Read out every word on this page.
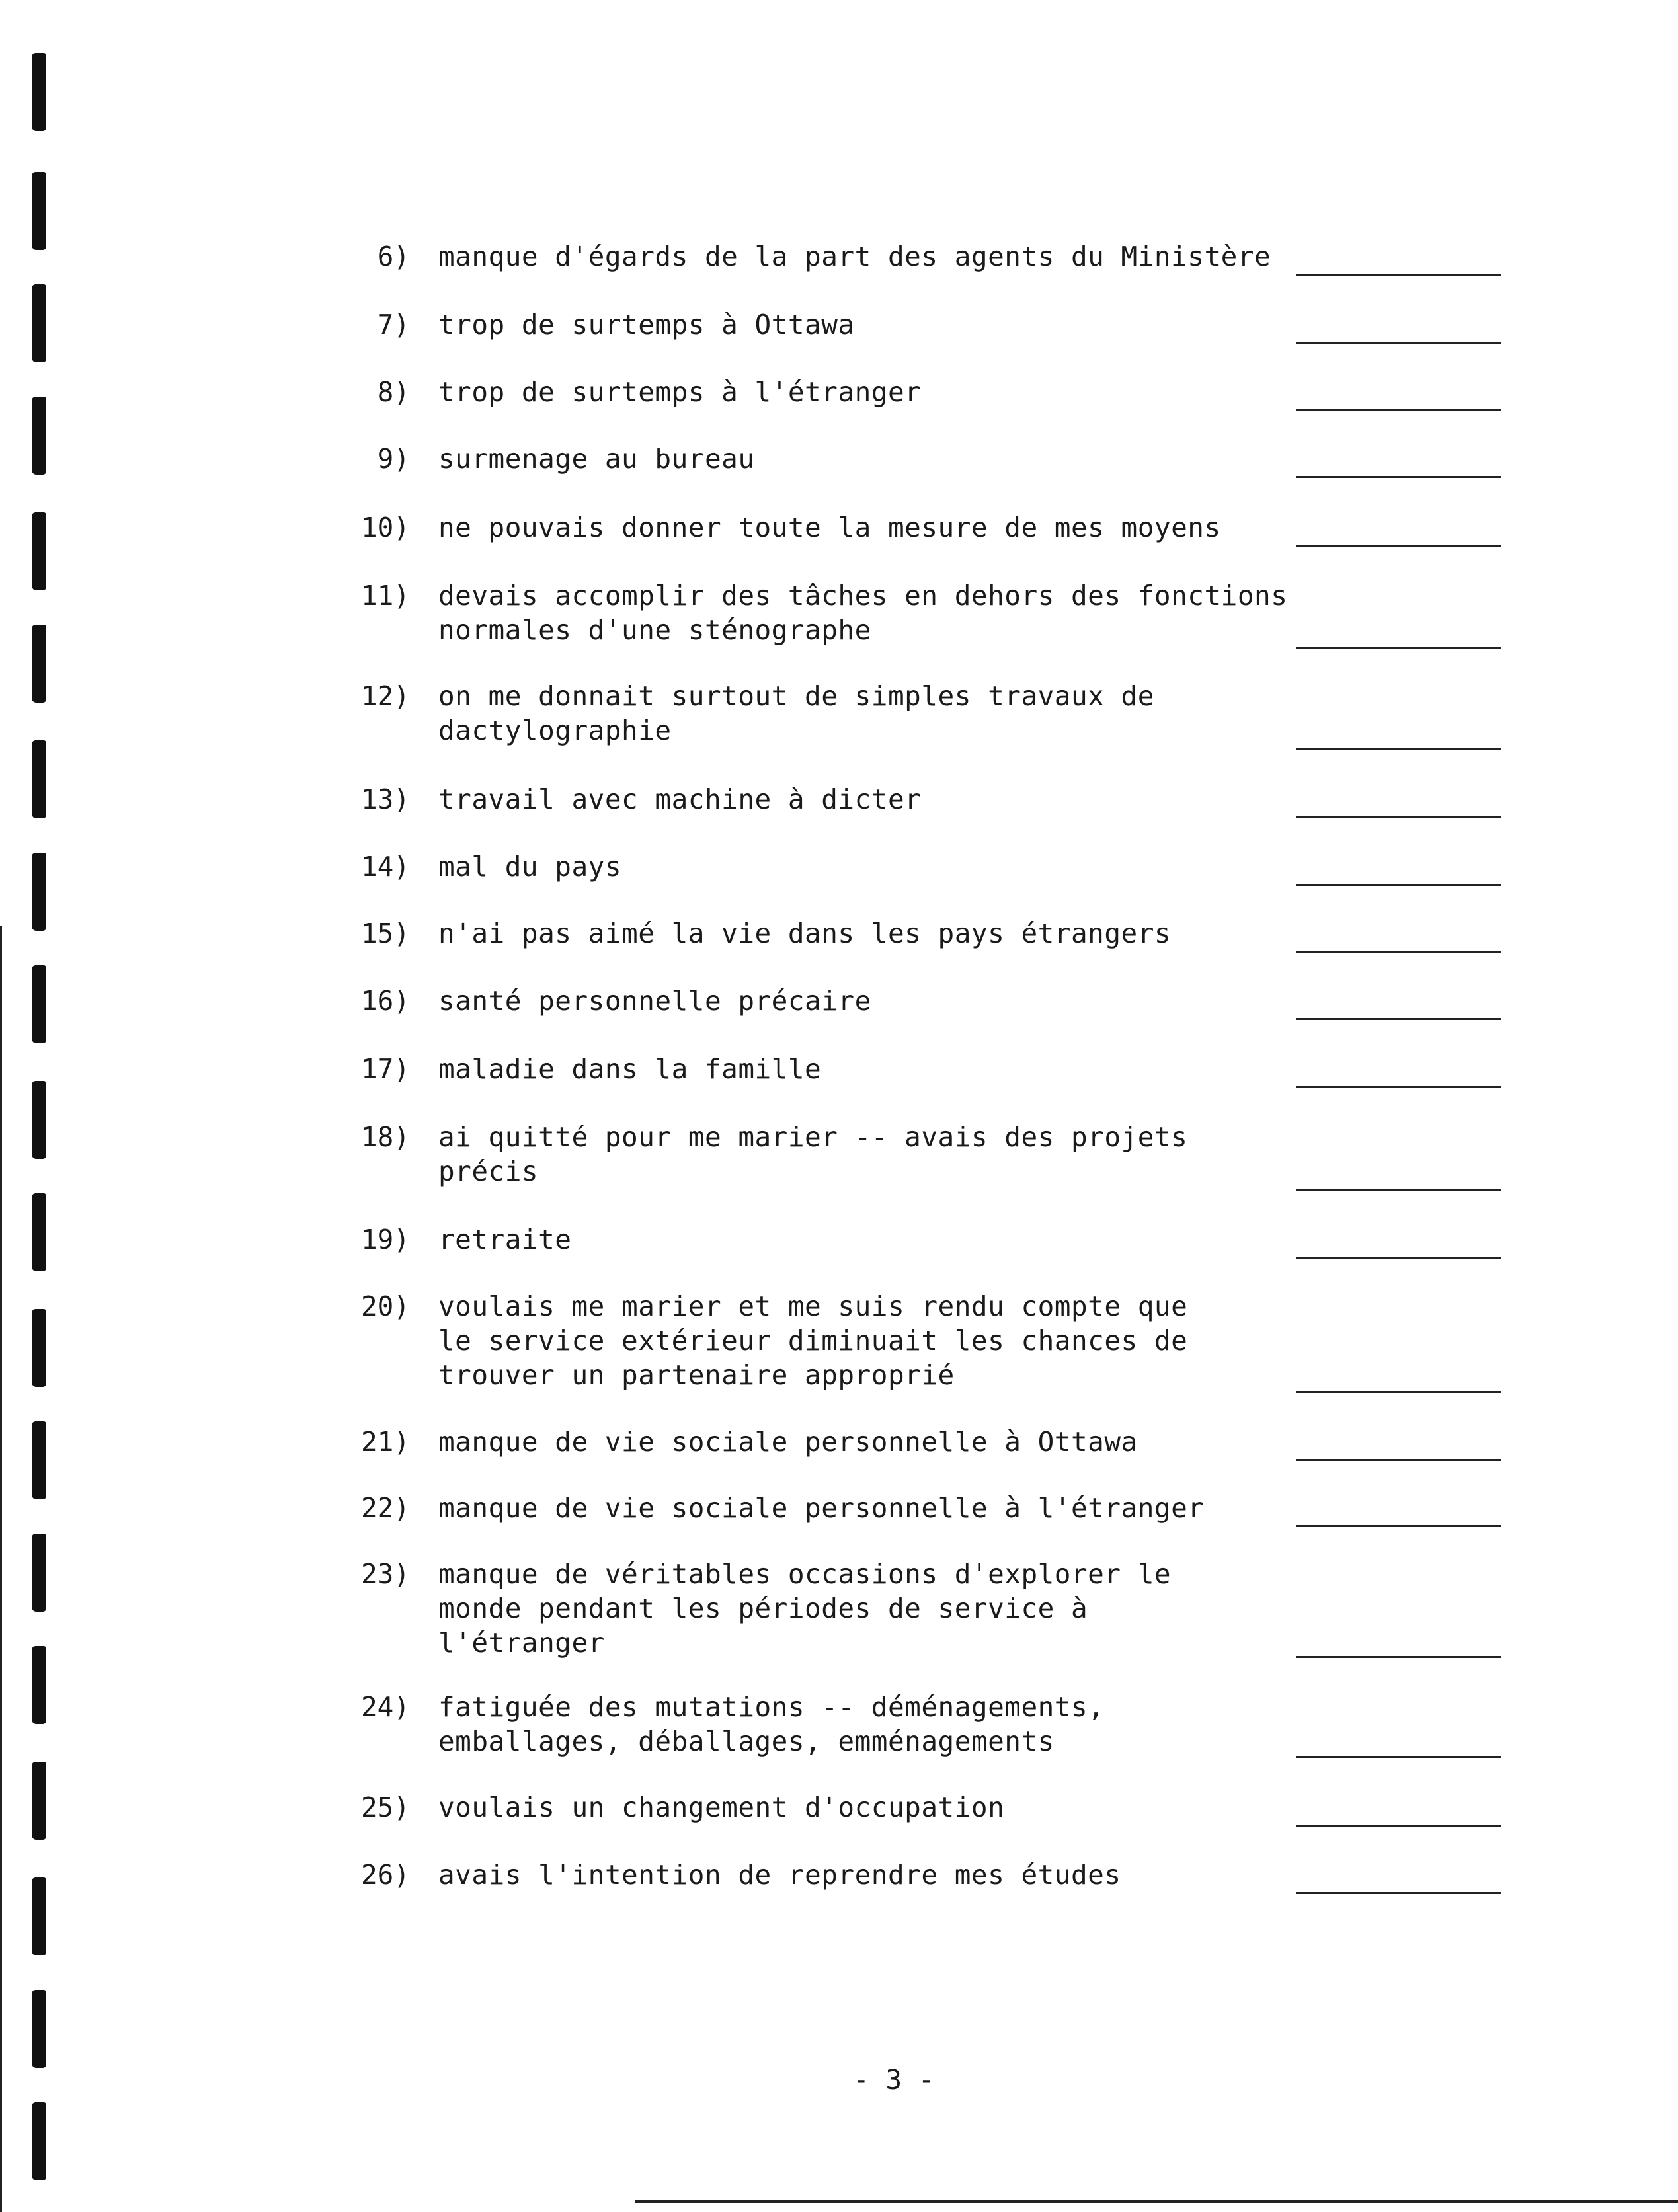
6) manque d'égards de la part des agents du Ministère
7) trop de surtemps à Ottawa
8) trop de surtemps à l'étranger
9) surmenage au bureau
10) ne pouvais donner toute la mesure de mes moyens
11) devais accomplir des tâches en dehors des fonctions
normales d'une sténographe
12) on me donnait surtout de simples travaux de
dactylographie
13) travail avec machine à dicter
14) mal du pays
15) n'ai pas aimé la vie dans les pays étrangers
16) santé personnelle précaire
17) maladie dans la famille
18) ai quitté pour me marier -- avais des projets
précis
19) retraite
20) voulais me marier et me suis rendu compte que
le service extérieur diminuait les chances de
trouver un partenaire approprié
21) manque de vie sociale personnelle à Ottawa
22) manque de vie sociale personnelle à l'étranger
23) manque de véritables occasions d'explorer le
monde pendant les périodes de service à
l'étranger
24) fatiguée des mutations -- déménagements,
emballages, déballages, emménagements
25) voulais un changement d'occupation
26) avais l'intention de reprendre mes études
- 3 -
